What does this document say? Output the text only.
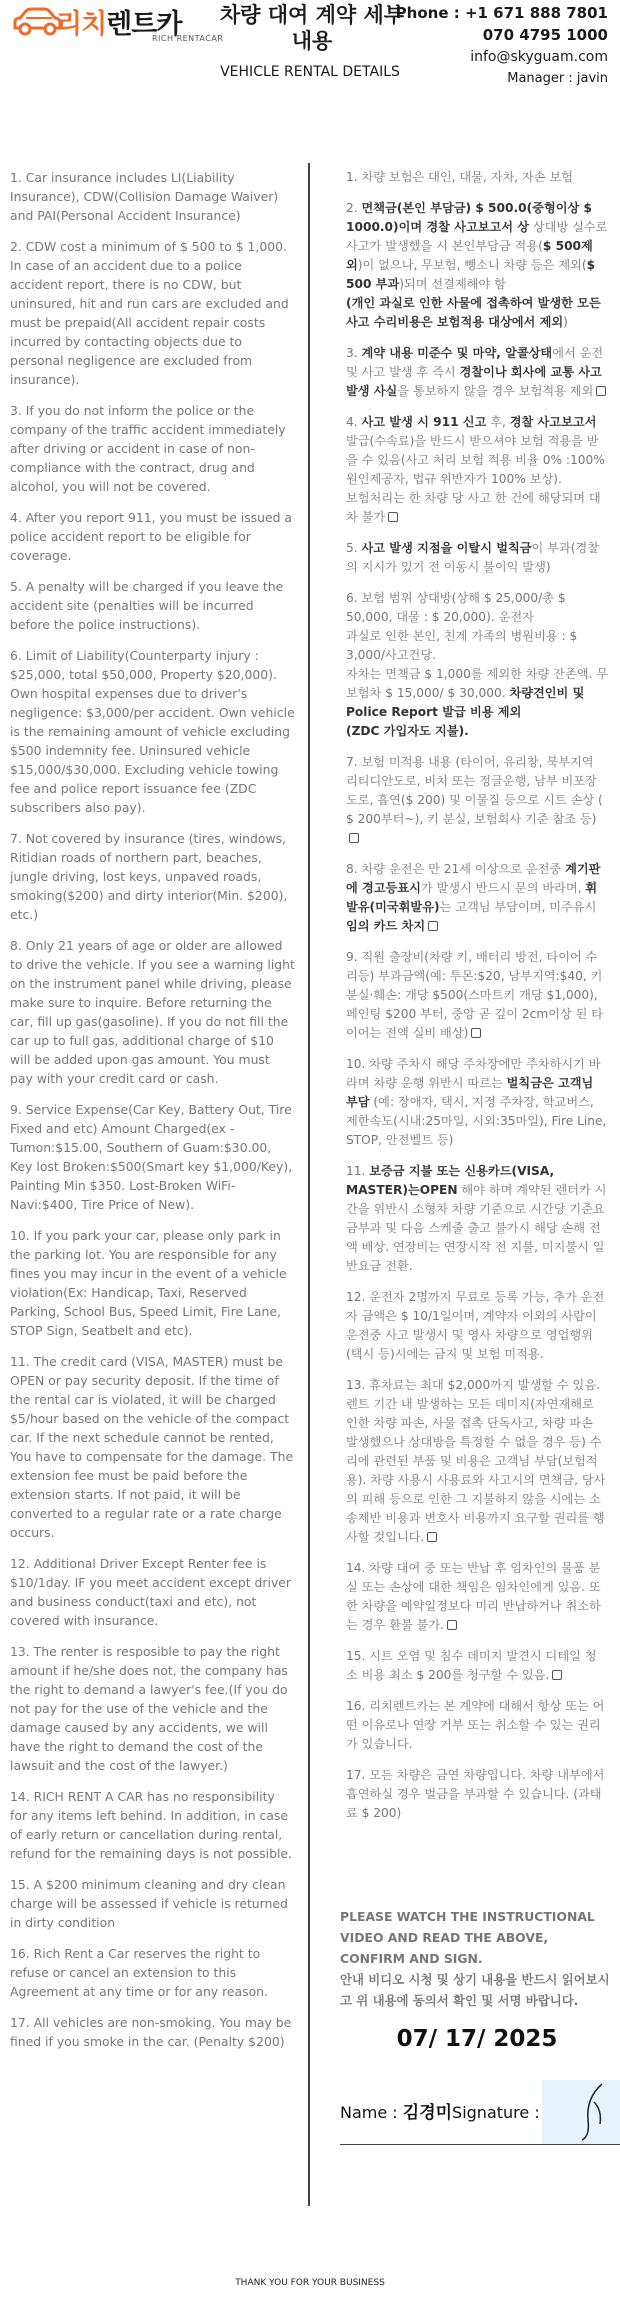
리치렌트카
RICH RENTACAR
차량 대여 계약 세부 내용
VEHICLE RENTAL DETAILS
Phone : +1 671 888 7801
070 4795 1000
info@skyguam.com
Manager : javin

1. Car insurance includes LI(Liability Insurance), CDW(Collision Damage Waiver) and PAI(Personal Accident Insurance)

2. CDW cost a minimum of $ 500 to $ 1,000. In case of an accident due to a police accident report, there is no CDW, but uninsured, hit and run cars are excluded and must be prepaid(All accident repair costs incurred by contacting objects due to personal negligence are excluded from insurance).

3. If you do not inform the police or the company of the traffic accident immediately after driving or accident in case of non-compliance with the contract, drug and alcohol, you will not be covered.

4. After you report 911, you must be issued a police accident report to be eligible for coverage.

5. A penalty will be charged if you leave the accident site (penalties will be incurred before the police instructions).

6. Limit of Liability(Counterparty injury : $25,000, total $50,000, Property $20,000). Own hospital expenses due to driver's negligence: $3,000/per accident. Own vehicle is the remaining amount of vehicle excluding $500 indemnity fee. Uninsured vehicle $15,000/$30,000. Excluding vehicle towing fee and police report issuance fee (ZDC subscribers also pay).

7. Not covered by insurance (tires, windows, Ritidian roads of northern part, beaches, jungle driving, lost keys, unpaved roads, smoking($200) and dirty interior(Min. $200), etc.)

8. Only 21 years of age or older are allowed to drive the vehicle. If you see a warning light on the instrument panel while driving, please make sure to inquire. Before returning the car, fill up gas(gasoline). If you do not fill the car up to full gas, additional charge of $10 will be added upon gas amount. You must pay with your credit card or cash.

9. Service Expense(Car Key, Battery Out, Tire Fixed and etc) Amount Charged(ex - Tumon:$15.00, Southern of Guam:$30.00, Key lost Broken:$500(Smart key $1,000/Key), Painting Min $350. Lost-Broken WiFi-Navi:$400, Tire Price of New).

10. If you park your car, please only park in the parking lot. You are responsible for any fines you may incur in the event of a vehicle violation(Ex: Handicap, Taxi, Reserved Parking, School Bus, Speed Limit, Fire Lane, STOP Sign, Seatbelt and etc).

11. The credit card (VISA, MASTER) must be OPEN or pay security deposit. If the time of the rental car is violated, it will be charged $5/hour based on the vehicle of the compact car. If the next schedule cannot be rented, You have to compensate for the damage. The extension fee must be paid before the extension starts. If not paid, it will be converted to a regular rate or a rate charge occurs.

12. Additional Driver Except Renter fee is $10/1day. IF you meet accident except driver and business conduct(taxi and etc), not covered with insurance.

13. The renter is resposible to pay the right amount if he/she does not, the company has the right to demand a lawyer's fee.(If you do not pay for the use of the vehicle and the damage caused by any accidents, we will have the right to demand the cost of the lawsuit and the cost of the lawyer.)

14. RICH RENT A CAR has no responsibility for any items left behind. In addition, in case of early return or cancellation during rental, refund for the remaining days is not possible.

15. A $200 minimum cleaning and dry clean charge will be assessed if vehicle is returned in dirty condition

16. Rich Rent a Car reserves the right to refuse or cancel an extension to this Agreement at any time or for any reason.

17. All vehicles are non-smoking. You may be fined if you smoke in the car. (Penalty $200)

1. 차량 보험은 대인, 대물, 자차, 자손 보험
2. 면책금(본인 부담금) $ 500.0(중형이상 $ 1000.0)이며 경찰 사고보고서 상 상대방 실수로 사고가 발생했을 시 본인부담금 적용($ 500제외)이 없으나, 무보험, 뺑소니 차량 등은 제외($ 500 부과)되며 선결제해야 함
(개인 과실로 인한 사물에 접촉하여 발생한 모든 사고 수리비용은 보험적용 대상에서 제외)
3. 계약 내용 미준수 및 마약, 알콜상태에서 운전 및 사고 발생 후 즉시 경찰이나 회사에 교통 사고 발생 사실을 통보하지 않을 경우 보험적용 제외
4. 사고 발생 시 911 신고 후, 경찰 사고보고서 발급(수속료)을 반드시 받으셔야 보험 적용을 받을 수 있음(사고 처리 보험 적용 비율 0% :100% 원인제공자, 법규 위반자가 100% 보상).
보험처리는 한 차량 당 사고 한 건에 해당되며 대차 불가
5. 사고 발생 지점을 이탈시 벌칙금이 부과(경찰의 지시가 있기 전 이동시 불이익 발생)
6. 보험 범위 상대방(상해 $ 25,000/총 $ 50,000, 대물 : $ 20,000). 운전자
과실로 인한 본인, 친게 가족의 병원비용 : $ 3,000/사고건당.
자차는 면책금 $ 1,000를 제외한 차량 잔존액. 무보험차 $ 15,000/ $ 30,000. 차량견인비 및 Police Report 발급 비용 제외
(ZDC 가입자도 지불).
7. 보험 미적용 내용 (타이어, 유리창, 북부지역 리티디안도로, 비치 또는 정글운행, 남부 비포장도로, 흡연($ 200) 및 이물질 등으로 시트 손상 ( $ 200부터~), 키 분실, 보험회사 기준 참조 등)
8. 차량 운전은 만 21세 이상으로 운전중 계기판에 경고등표시가 발생시 반드시 문의 바라며, 휘발유(미국휘발유)는 고객님 부담이며, 미주유시 임의 카드 차지
9. 직원 출장비(차량 키, 배터리 방전, 타이어 수리등) 부과금액(예: 투몬:$20, 남부지역:$40, 키분실·훼손: 개당 $500(스마트키 개당 $1,000), 페인팅 $200 부터, 중앙 곧 깊이 2cm이상 된 타이어는 전액 실비 배상)
10. 차량 주차시 해당 주차장에만 주차하시기 바라며 차량 운행 위반시 따르는 벌칙금은 고객님 부담 (예: 장애자, 택시, 지정 주차장, 학교버스, 제한속도(시내:25마일, 시외:35마일), Fire Line, STOP, 안전벨트 등)
11. 보증금 지불 또는 신용카드(VISA, MASTER)는OPEN 해야 하며 계약된 렌터카 시간을 위반시 소형차 차량 기준으로 시간당 기준요금부과 및 다음 스케줄 출고 불가시 해당 손해 전액 배상. 연장비는 연장시작 전 지불, 미지불시 일반요금 전환.
12. 운전자 2명까지 무료로 등록 가능, 추가 운전자 금액은 $ 10/1일이며, 계약자 이외의 사람이 운전중 사고 발생시 및 영사 차량으로 영업행위(택시 등)시에는 금지 및 보험 미적용.
13. 휴차료는 최대 $2,000까지 발생할 수 있음. 렌트 기간 내 발생하는 모든 데미지(자연재해로 인한 차량 파손, 사물 접촉 단독사고, 차량 파손 발생했으나 상대방을 특정할 수 없을 경우 등) 수리에 관련된 부품 및 비용은 고객님 부담(보험적용). 차량 사용시 사용료와 사고시의 면책금, 당사의 피해 등으로 인한 그 지불하지 않을 시에는 소송제반 비용과 변호사 비용까지 요구할 권리를 행사할 것입니다.
14. 차량 대여 중 또는 반납 후 임차인의 물품 분실 또는 손상에 대한 책임은 임차인에게 있음. 또한 차량을 예약일정보다 미리 반납하거나 취소하는 경우 환불 불가.
15. 시트 오염 및 침수 데미지 발견시 디테일 청소 비용 최소 $ 200를 청구할 수 있음.
16. 리치렌트카는 본 계약에 대해서 항상 또는 어떤 이유로나 연장 거부 또는 취소할 수 있는 권리가 있습니다.
17. 모든 차량은 금연 차량입니다. 차량 내부에서 흡연하실 경우 벌금을 부과할 수 있습니다. (과태료 $ 200)
PLEASE WATCH THE INSTRUCTIONAL VIDEO AND READ THE ABOVE,
CONFIRM AND SIGN.
안내 비디오 시청 및 상기 내용을 반드시 읽어보시고 위 내용에 동의서 확인 및 서명 바랍니다.
07/ 17/ 2025
Name : 김경미Signature :
THANK YOU FOR YOUR BUSINESS
